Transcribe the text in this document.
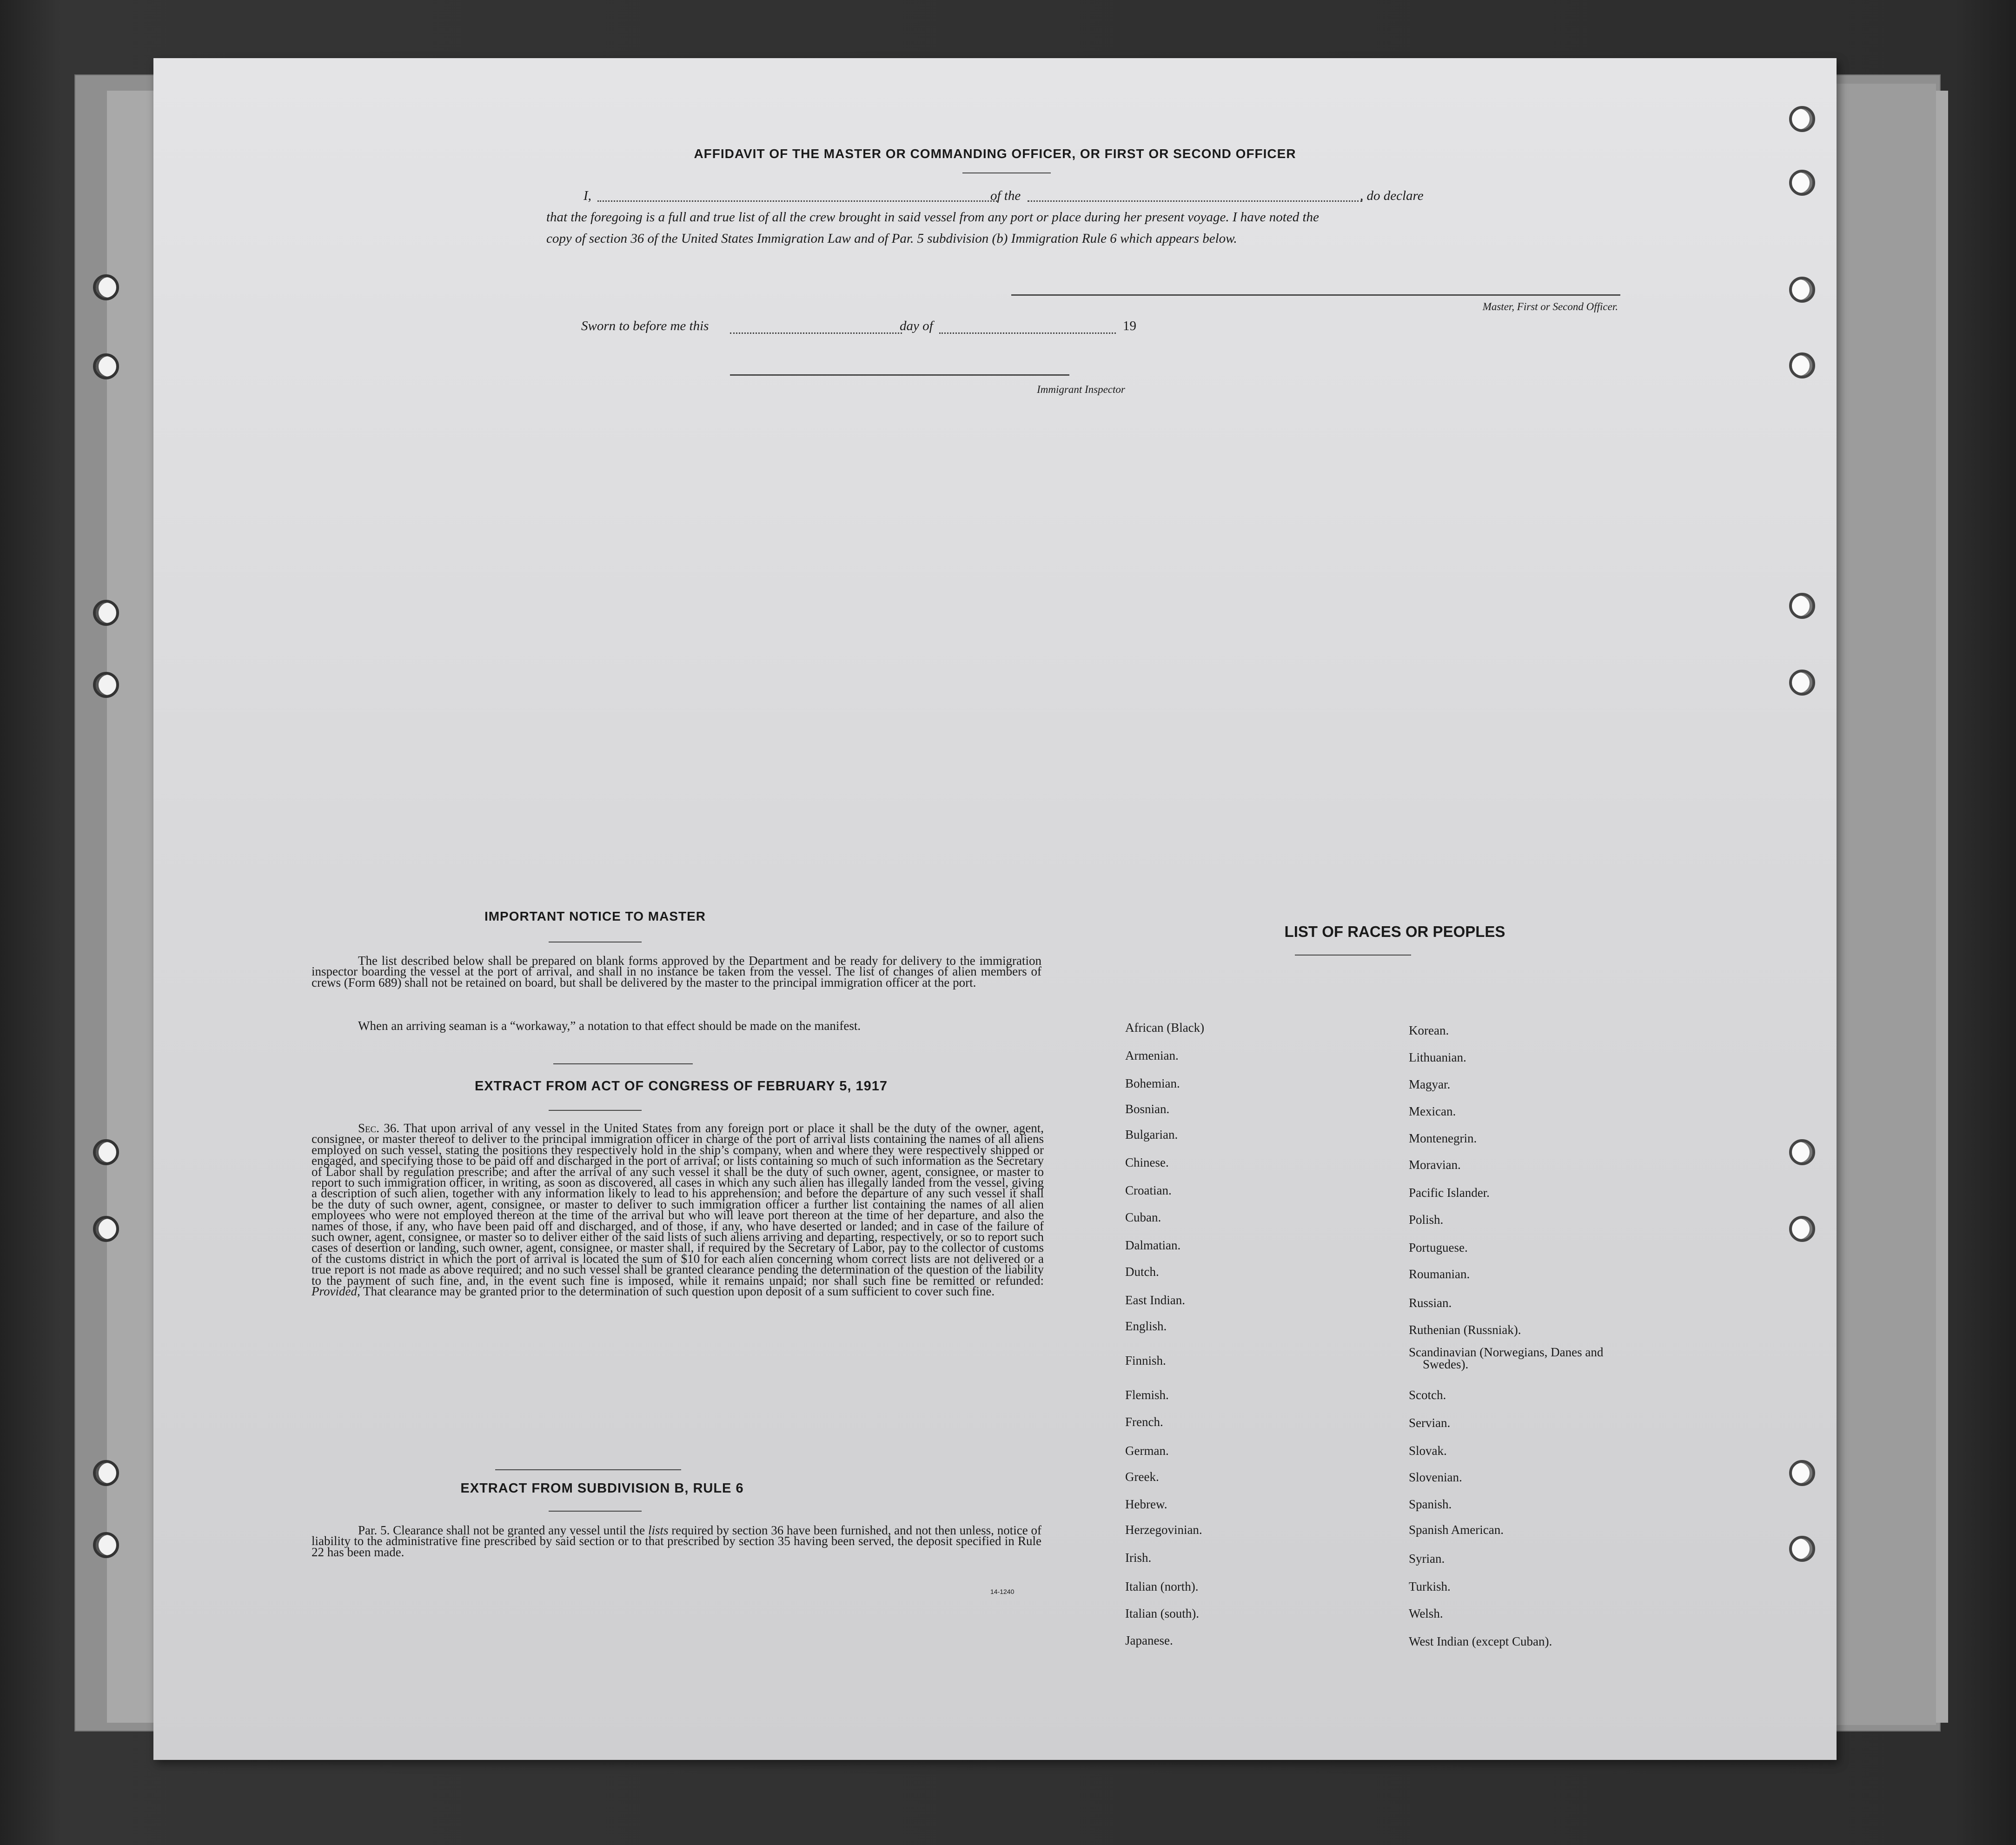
AFFIDAVIT OF THE MASTER OR COMMANDING OFFICER, OR FIRST OR SECOND OFFICER
I,	of the	, do declare
that the foregoing is a full and true list of all the crew brought in said vessel from any port or place during her present voyage. I have noted the
copy of section 36 of the United States Immigration Law and of Par. 5 subdivision (b) Immigration Rule 6 which appears below.
Master, First or Second Officer.
Sworn to before me this	day of	19
Immigrant Inspector
IMPORTANT NOTICE TO MASTER
The list described below shall be prepared on blank forms approved by the Department and be ready for delivery to the immigration inspector boarding the vessel at the port of arrival, and shall in no instance be taken from the vessel. The list of changes of alien members of crews (Form 689) shall not be retained on board, but shall be delivered by the master to the principal immigration officer at the port.
When an arriving seaman is a “workaway,” a notation to that effect should be made on the manifest.
EXTRACT FROM ACT OF CONGRESS OF FEBRUARY 5, 1917
Sec. 36. That upon arrival of any vessel in the United States from any foreign port or place it shall be the duty of the owner, agent, consignee, or master thereof to deliver to the principal immigration officer in charge of the port of arrival lists containing the names of all aliens employed on such vessel, stating the positions they respectively hold in the ship’s company, when and where they were respectively shipped or engaged, and specifying those to be paid off and discharged in the port of arrival; or lists containing so much of such information as the Secretary of Labor shall by regulation prescribe; and after the arrival of any such vessel it shall be the duty of such owner, agent, consignee, or master to report to such immigration officer, in writing, as soon as discovered, all cases in which any such alien has illegally landed from the vessel, giving a description of such alien, together with any information likely to lead to his apprehension; and before the departure of any such vessel it shall be the duty of such owner, agent, consignee, or master to deliver to such immigration officer a further list containing the names of all alien employees who were not employed thereon at the time of the arrival but who will leave port thereon at the time of her departure, and also the names of those, if any, who have been paid off and discharged, and of those, if any, who have deserted or landed; and in case of the failure of such owner, agent, consignee, or master so to deliver either of the said lists of such aliens arriving and departing, respectively, or so to report such cases of desertion or landing, such owner, agent, consignee, or master shall, if required by the Secretary of Labor, pay to the collector of customs of the customs district in which the port of arrival is located the sum of $10 for each alien concerning whom correct lists are not delivered or a true report is not made as above required; and no such vessel shall be granted clearance pending the determination of the question of the liability to the payment of such fine, and, in the event such fine is imposed, while it remains unpaid; nor shall such fine be remitted or refunded: Provided, That clearance may be granted prior to the determination of such question upon deposit of a sum sufficient to cover such fine.
EXTRACT FROM SUBDIVISION B, RULE 6
Par. 5. Clearance shall not be granted any vessel until the lists required by section 36 have been furnished, and not then unless, notice of liability to the administrative fine prescribed by said section or to that prescribed by section 35 having been served, the deposit specified in Rule 22 has been made.
14-1240
LIST OF RACES OR PEOPLES
African (Black)
Armenian.
Bohemian.
Bosnian.
Bulgarian.
Chinese.
Croatian.
Cuban.
Dalmatian.
Dutch.
East Indian.
English.
Finnish.
Flemish.
French.
German.
Greek.
Hebrew.
Herzegovinian.
Irish.
Italian (north).
Italian (south).
Japanese.
Korean.
Lithuanian.
Magyar.
Mexican.
Montenegrin.
Moravian.
Pacific Islander.
Polish.
Portuguese.
Roumanian.
Russian.
Ruthenian (Russniak).
Scandinavian (Norwegians, Danes and Swedes).
Scotch.
Servian.
Slovak.
Slovenian.
Spanish.
Spanish American.
Syrian.
Turkish.
Welsh.
West Indian (except Cuban).
